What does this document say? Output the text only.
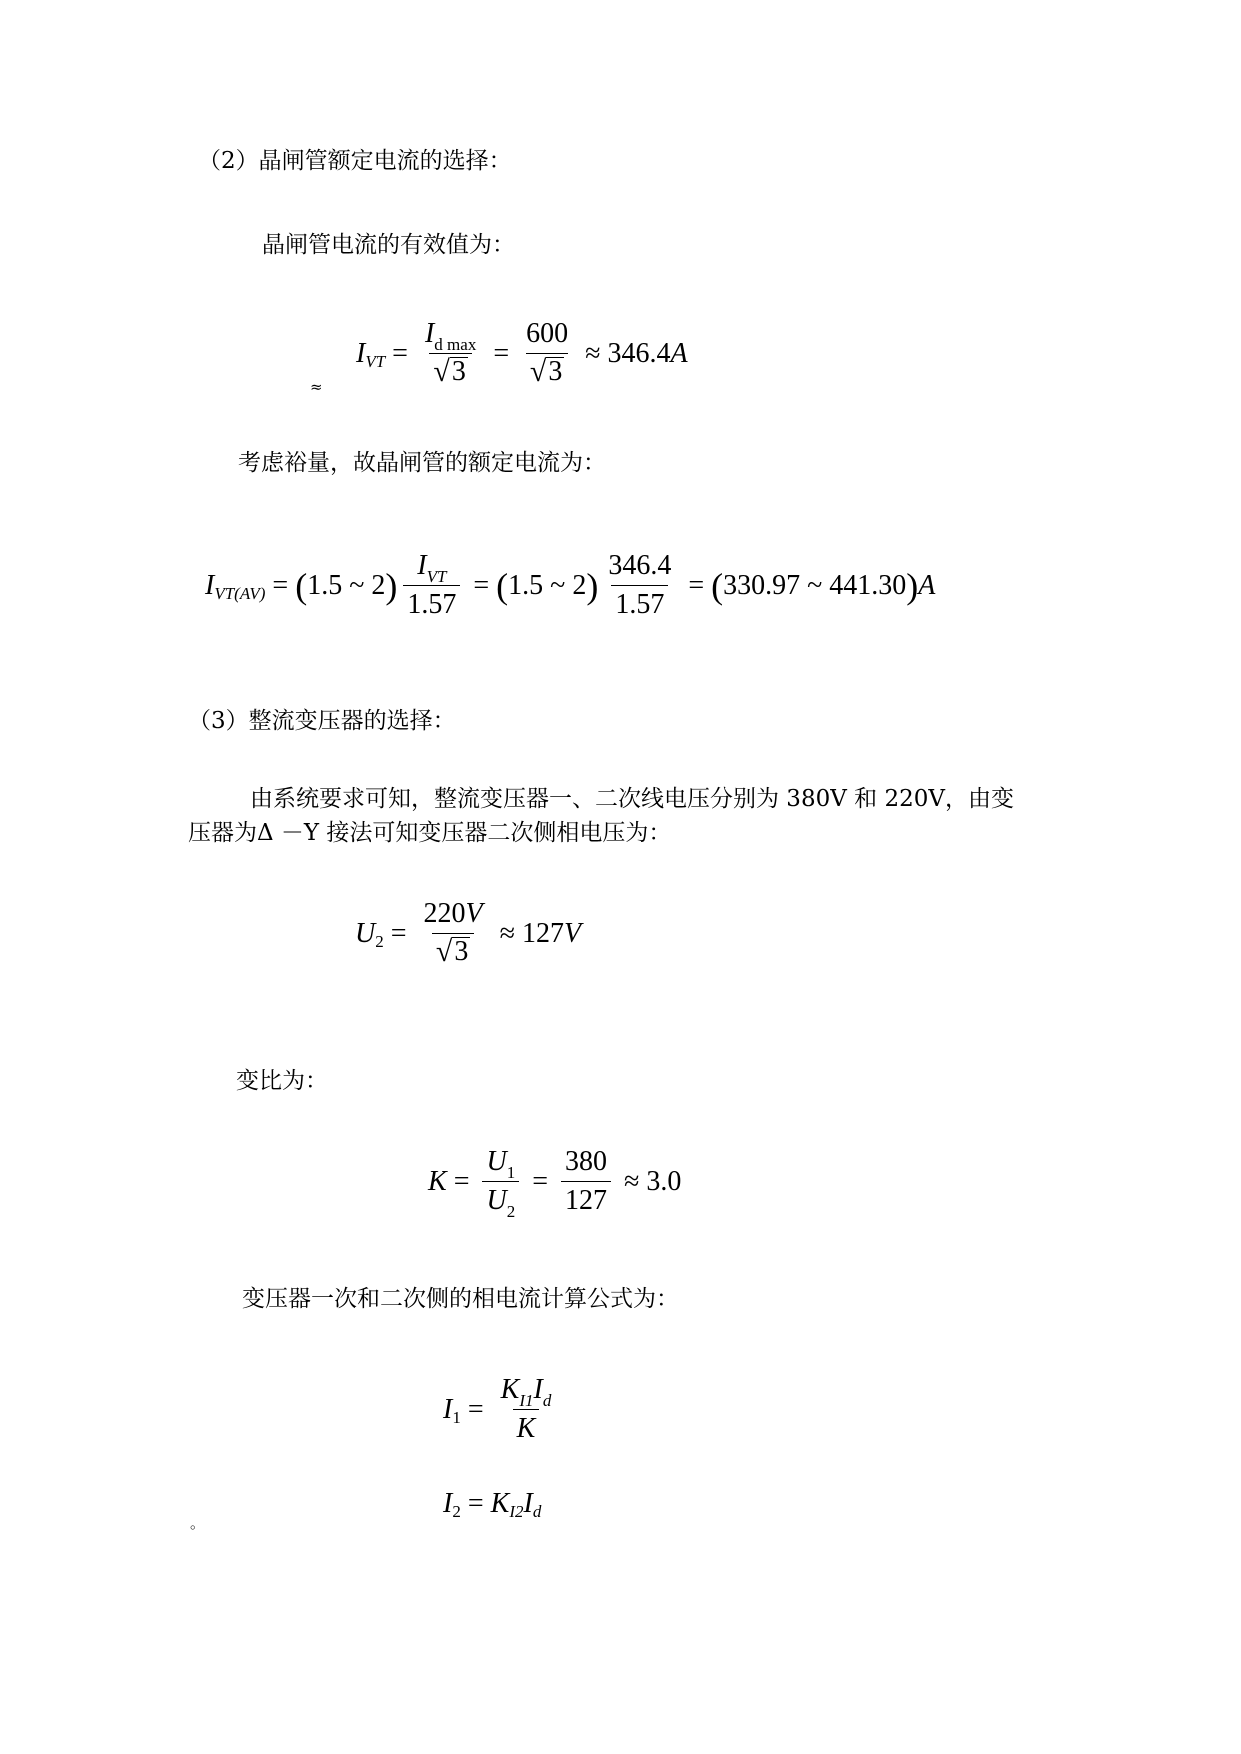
（2）晶闸管额定电流的选择：
晶闸管电流的有效值为：
I VT = $\frac{I_{d max}}{√ 3} = \frac{600}{√ 3} \approx 346.4$ A
≈
考虑裕量，故晶闸管的额定电流为：
I VT(AV) = ( 1.5 ~ 2 ) $\frac{I_{VT}}{1.57}$ = ( 1.5 ~ 2 ) $\frac{346.4}{1.57}$ = ( 330.97 ~ 441.30 ) A
（3）整流变压器的选择：
由系统要求可知，整流变压器一、二次线电压分别为 380V 和 220V，由变
压器为Δ －Y 接法可知变压器二次侧相电压为：
U $2 = \frac{220V}{√ 3} \approx 127$ V
变比为：
$K = \frac{U_1}{U_2} = \frac{380}{127} \approx 3.0$
变压器一次和二次侧的相电流计算公式为：
I $1 = \frac{K_{I1}I_d}{K}$
I 2 = K I2 I d
。
